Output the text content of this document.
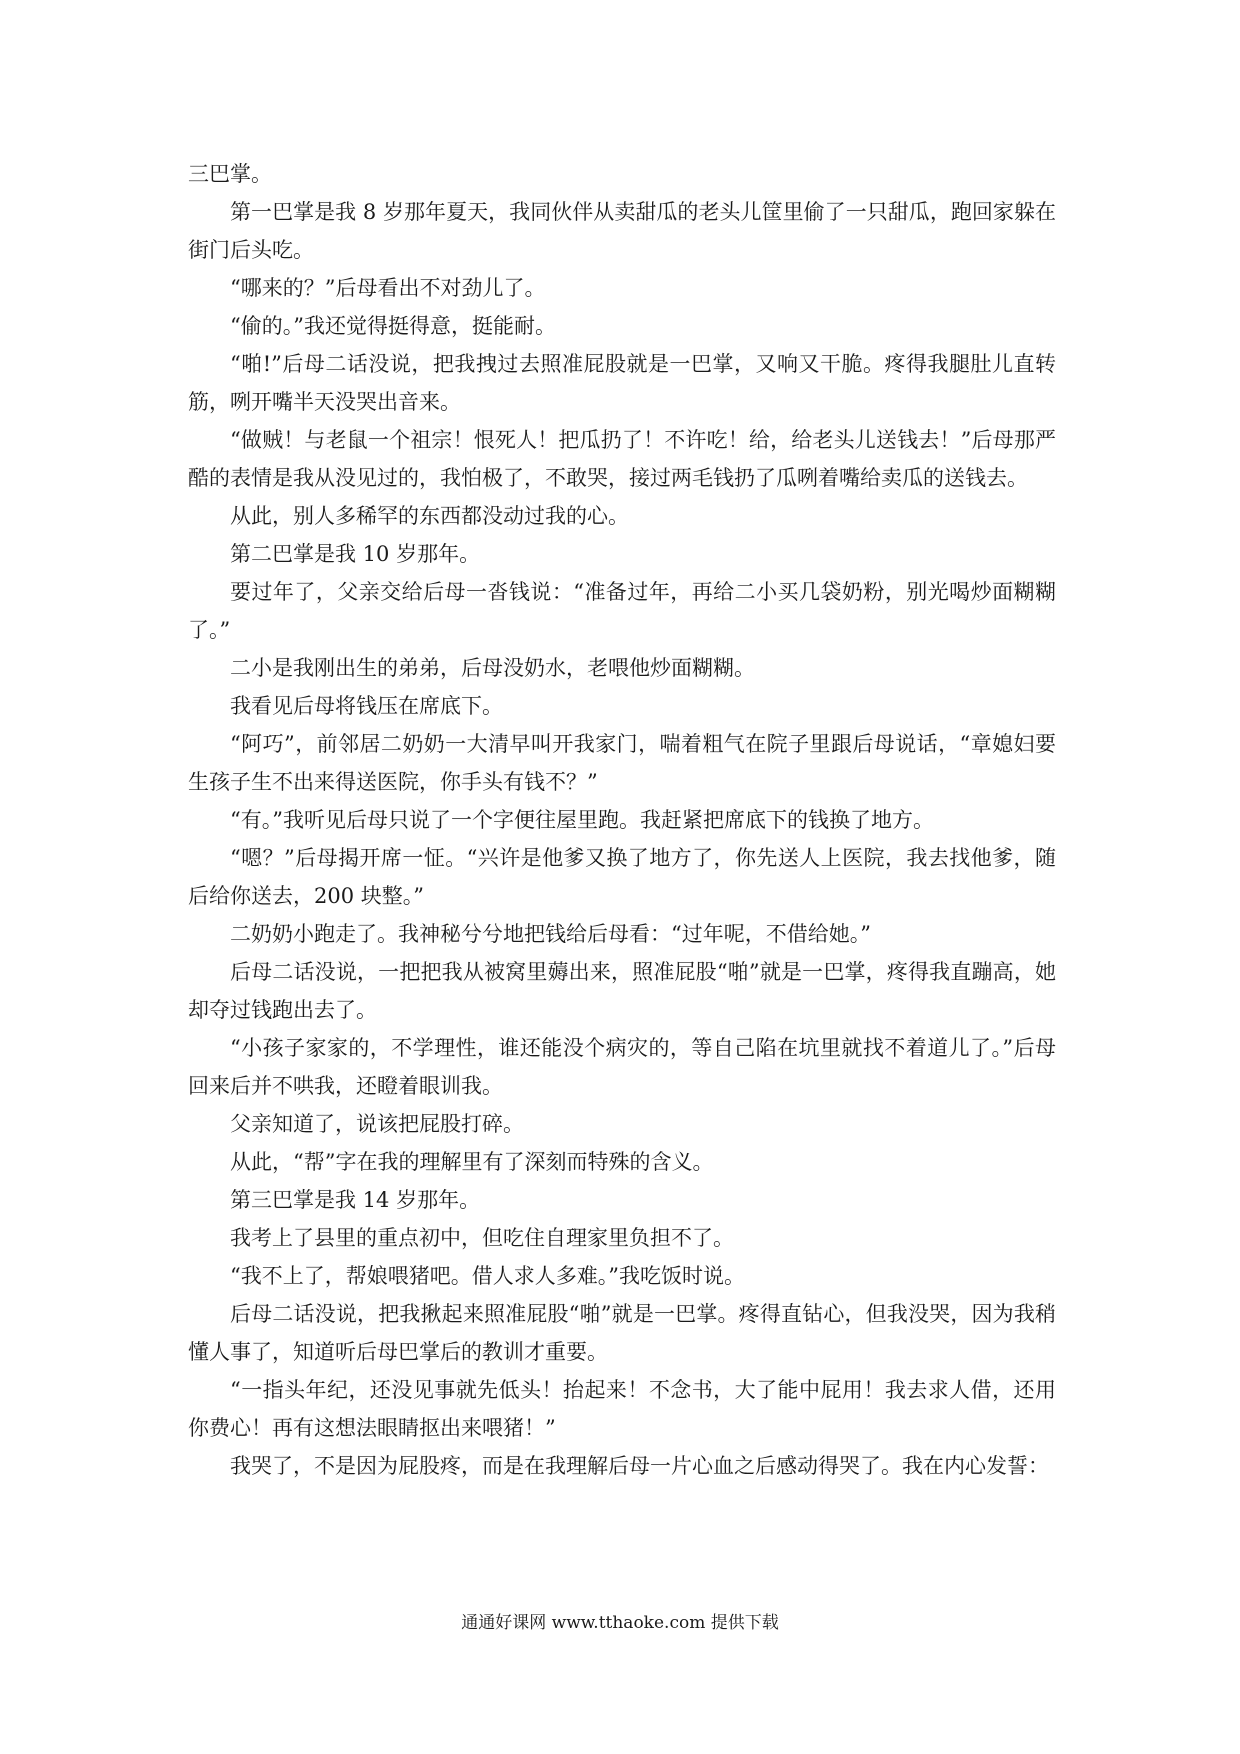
三巴掌。

第一巴掌是我 8 岁那年夏天，我同伙伴从卖甜瓜的老头儿筐里偷了一只甜瓜，跑回家躲在街门后头吃。

“哪来的？”后母看出不对劲儿了。

“偷的。”我还觉得挺得意，挺能耐。

“啪!”后母二话没说，把我拽过去照准屁股就是一巴掌，又响又干脆。疼得我腿肚儿直转筋，咧开嘴半天没哭出音来。

“做贼！与老鼠一个祖宗！恨死人！把瓜扔了！不许吃！给，给老头儿送钱去！”后母那严酷的表情是我从没见过的，我怕极了，不敢哭，接过两毛钱扔了瓜咧着嘴给卖瓜的送钱去。

从此，别人多稀罕的东西都没动过我的心。

第二巴掌是我 10 岁那年。

要过年了，父亲交给后母一沓钱说：“准备过年，再给二小买几袋奶粉，别光喝炒面糊糊了。”

二小是我刚出生的弟弟，后母没奶水，老喂他炒面糊糊。

我看见后母将钱压在席底下。

“阿巧”，前邻居二奶奶一大清早叫开我家门，喘着粗气在院子里跟后母说话，“章媳妇要生孩子生不出来得送医院，你手头有钱不？”

“有。”我听见后母只说了一个字便往屋里跑。我赶紧把席底下的钱换了地方。

“嗯？”后母揭开席一怔。“兴许是他爹又换了地方了，你先送人上医院，我去找他爹，随后给你送去，200 块整。”

二奶奶小跑走了。我神秘兮兮地把钱给后母看：“过年呢，不借给她。”

后母二话没说，一把把我从被窝里薅出来，照准屁股“啪”就是一巴掌，疼得我直蹦高，她却夺过钱跑出去了。

“小孩子家家的，不学理性，谁还能没个病灾的，等自己陷在坑里就找不着道儿了。”后母回来后并不哄我，还瞪着眼训我。

父亲知道了，说该把屁股打碎。

从此，“帮”字在我的理解里有了深刻而特殊的含义。

第三巴掌是我 14 岁那年。

我考上了县里的重点初中，但吃住自理家里负担不了。

“我不上了，帮娘喂猪吧。借人求人多难。”我吃饭时说。

后母二话没说，把我揪起来照准屁股“啪”就是一巴掌。疼得直钻心，但我没哭，因为我稍懂人事了，知道听后母巴掌后的教训才重要。

“一指头年纪，还没见事就先低头！抬起来！不念书，大了能中屁用！我去求人借，还用你费心！再有这想法眼睛抠出来喂猪！”

我哭了，不是因为屁股疼，而是在我理解后母一片心血之后感动得哭了。我在内心发誓：

通通好课网 www.tthaoke.com 提供下载
